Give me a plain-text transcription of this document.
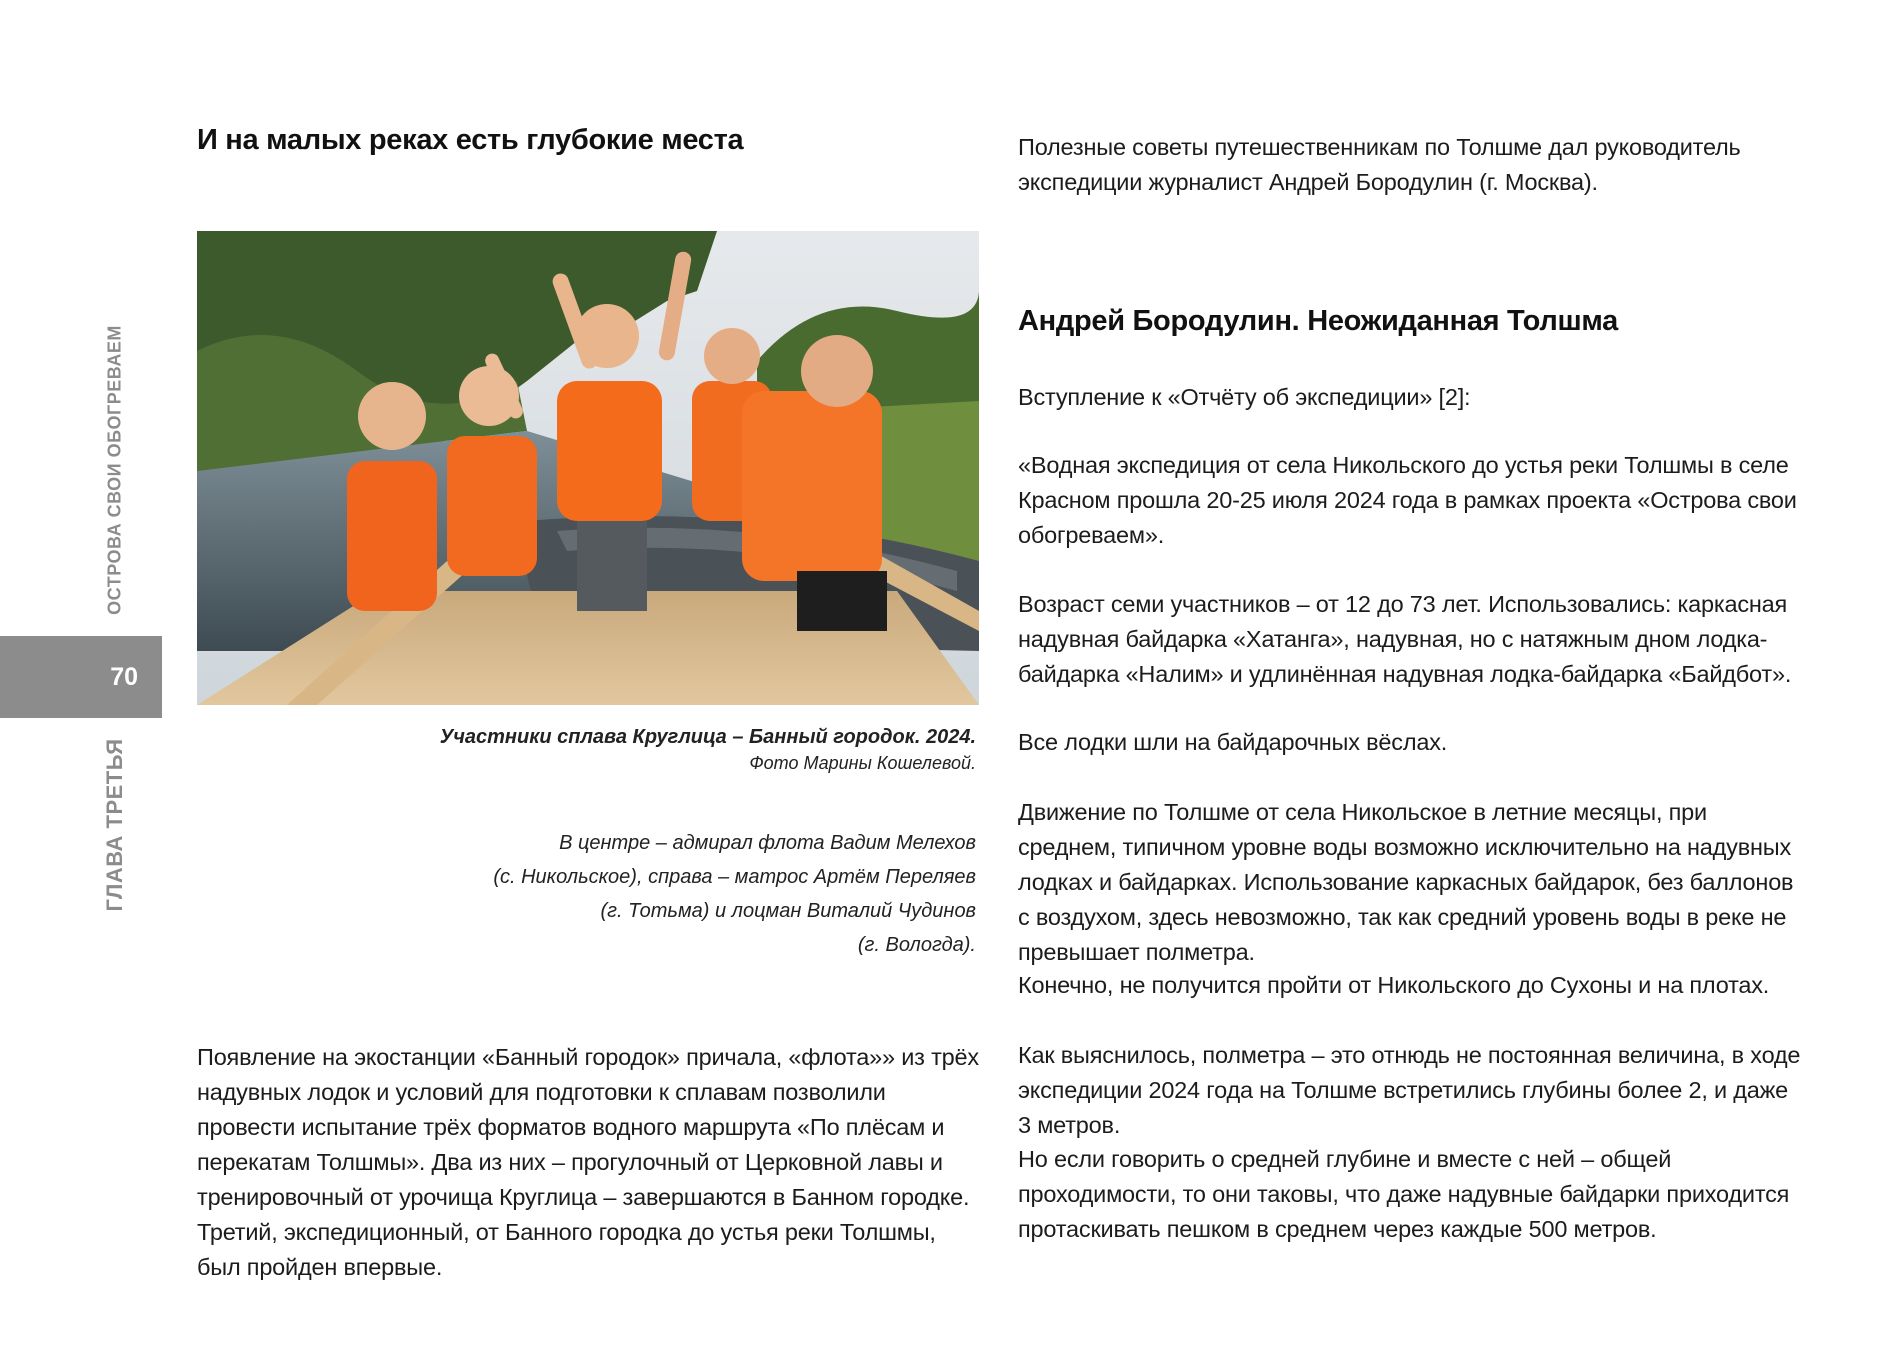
ОСТРОВА СВОИ ОБОГРЕВАЕМ
70
ГЛАВА ТРЕТЬЯ
И на малых реках есть глубокие места
Участники сплава Круглица – Банный городок. 2024.
Фото Марины Кошелевой.
В центре – адмирал флота Вадим Мелехов
(с. Никольское), справа – матрос Артём Переляев
(г. Тотьма) и лоцман Виталий Чудинов
(г. Вологда).

Появление на экостанции «Банный городок» причала, «флота»» из трёх надувных лодок и условий для подготовки к сплавам позволили провести испытание трёх форматов водного маршрута «По плёсам и перекатам Толшмы». Два из них – прогулочный от Церковной лавы и тренировочный от урочища Круглица – завершаются в Банном городке. Третий, экспедиционный, от Банного городка до устья реки Толшмы, был пройден впервые.

Полезные советы путешественникам по Толшме дал руководитель экспедиции журналист Андрей Бородулин (г. Москва).

Андрей Бородулин. Неожиданная Толшма

Вступление к «Отчёту об экспедиции» [2]:

«Водная экспедиция от села Никольского до устья реки Толшмы в селе Красном прошла 20-25 июля 2024 года в рамках проекта «Острова свои обогреваем».

Возраст семи участников – от 12 до 73 лет. Использовались: каркасная надувная байдарка «Хатанга», надувная, но с натяжным дном лодка-байдарка «Налим» и удлинённая надувная лодка-байдарка «Байдбот».

Все лодки шли на байдарочных вёслах.

Движение по Толшме от села Никольское в летние месяцы, при среднем, типичном уровне воды возможно исключительно на надувных лодках и байдарках. Использование каркасных байдарок, без баллонов с воздухом, здесь невозможно, так как средний уровень воды в реке не превышает полметра.

Конечно, не получится пройти от Никольского до Сухоны и на плотах.

Как выяснилось, полметра – это отнюдь не постоянная величина, в ходе экспедиции 2024 года на Толшме встретились глубины более 2, и даже 3 метров.

Но если говорить о средней глубине и вместе с ней – общей проходимости, то они таковы, что даже надувные байдарки приходится протаскивать пешком в среднем через каждые 500 метров.
